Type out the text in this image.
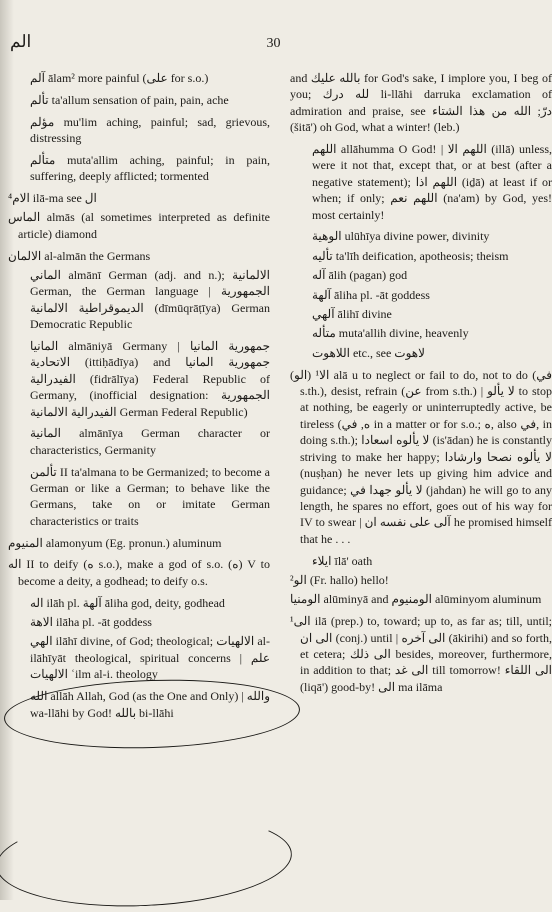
الم	30

آلم ālam² more painful (على for s.o.)

تألم ta'allum sensation of pain, pain, ache

مؤلم mu'lim aching, painful; sad, grievous, distressing

متألم muta'allim aching, painful; in pain, suffering, deeply afflicted; tormented

الام⁴ ilā-ma see ال

الماس almās (al sometimes interpreted as definite article) diamond

الالمان al-almān the Germans

الماني almānī German (adj. and n.); الالمانية German, the German language | الجمهورية الديموقراطية الالمانية (dīmūqrāṭīya) German Democratic Republic

المانيا almāniyā Germany | جمهورية المانيا الاتحادية (ittiḥādīya) and جمهورية المانيا الفيدرالية (fidrālīya) Federal Republic of Germany, (inofficial designation: الجمهورية الفيدرالية الالمانية German Federal Republic)

المانية almānīya German character or characteristics, Germanity

تألمن II ta'almana to be Germanized; to become a German or like a German; to behave like the Germans, take on or imitate German characteristics or traits

المنيوم alamonyum (Eg. pronun.) aluminum

اله II to deify (ه s.o.), make a god of s.o. (ه) V to become a deity, a godhead; to deify o.s.

اله ilāh pl. آلهة āliha god, deity, godhead

الاهة ilāha pl. -āt goddess

الهي ilāhī divine, of God; theological; الالهيات al-ilāhīyāt theological, spiritual concerns | علم الالهيات ʿilm al-i. theology

الله allāh Allah, God (as the One and Only) | والله wa-llāhi by God! بالله bi-llāhi

and بالله عليك for God's sake, I implore you, I beg of you; لله درك li-llāhi darruka exclamation of admiration and praise, see درّ; الله من هذا الشتاء (šitā') oh God, what a winter! (leb.)

اللهم allāhumma O God! | اللهم الا (illā) unless, were it not that, except that, or at best (after a negative statement); اللهم اذا (iḏā) at least if or when; if only; اللهم نعم (na'am) by God, yes! most certainly!

الوهية ulūhīya divine power, divinity

تأليه ta'līh deification, apotheosis; theism

آله ālih (pagan) god

آلهة āliha pl. -āt goddess

آلهي ālihī divine

متأله muta'allih divine, heavenly

اللاهوت etc., see لاهوت

الا¹ (الو) alā u to neglect or fail to do, not to do (في s.th.), desist, refrain (عن from s.th.) | لا يألو to stop at nothing, be eagerly or uninterruptedly active, be tireless (ه, في in a matter or for s.o.; ه, also في, in doing s.th.); لا يألوه اسعادا (is'ādan) he is constantly striving to make her happy; لا يألوه نصحا وارشادا (nuṣḥan) he never lets up giving him advice and guidance; لا يألو جهدا في (jahdan) he will go to any length, he spares no effort, goes out of his way for IV to swear | آلى على نفسه ان he promised himself that he . . .

ايلاء īlā' oath

الو² (Fr. hallo) hello!

الومنيا alūminyā and الومنيوم alūminyom aluminum

الى¹ ilā (prep.) to, toward; up to, as far as; till, until; الى ان (conj.) until | الى آخره (ākirihi) and so forth, et cetera; الى ذلك besides, moreover, furthermore, in addition to that; الى غد till tomorrow! الى اللقاء (liqā') good-by! الى ma ilāma
